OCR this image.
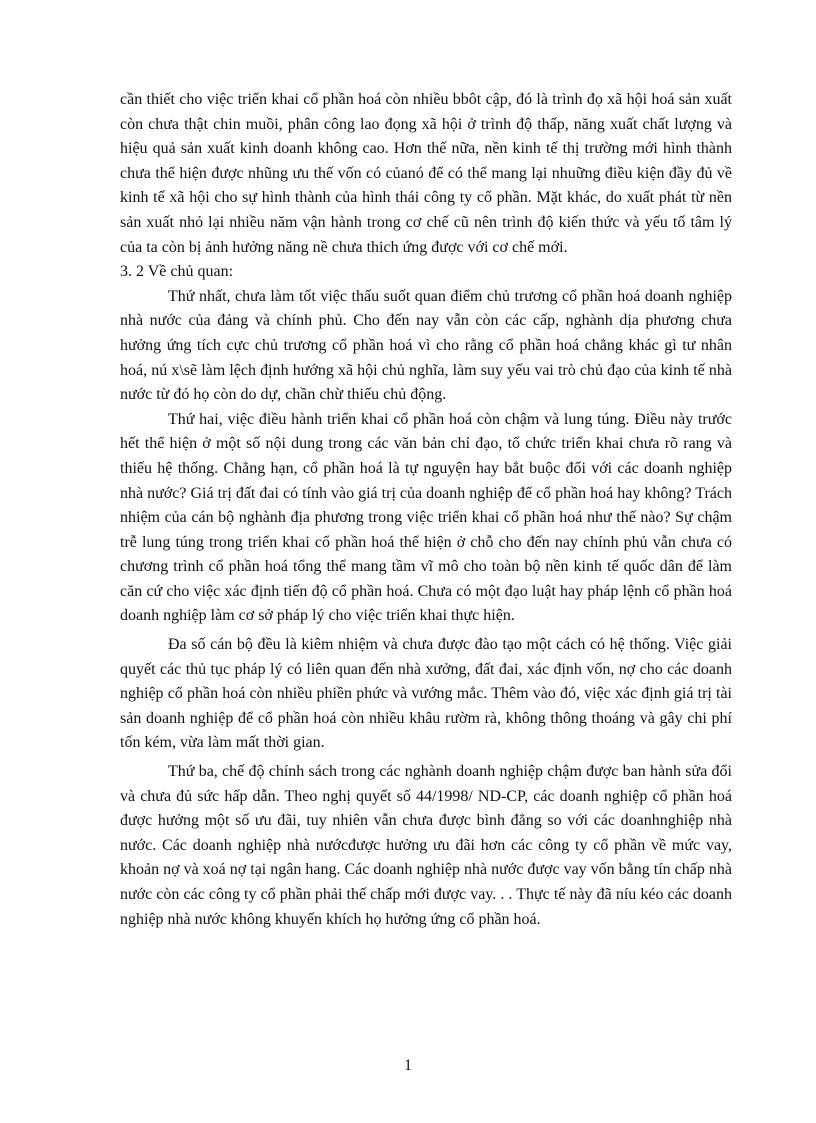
cần thiết cho việc triển khai cổ phần hoá còn nhiều bbôt cập, đó là trình đọ xã hội hoá sản xuất còn chưa thật chin muồi, phân công lao đọng xã hội ở trình độ thấp, năng xuất chất lượng và hiệu quả sản xuất kinh doanh không cao. Hơn thế nữa, nền kinh tế thị trường mới hình thành chưa thể hiện được nhũng ưu thế vốn có củanó để có thể mang lại nhuững điều kiện đầy đủ về kinh tế xã hội cho sự hình thành của hình thái công ty cổ phần. Mặt khác, do xuất phát từ nền sản xuất nhỏ lại nhiều năm vận hành trong cơ chế cũ nên trình độ kiến thức và yếu tố tâm lý của ta còn bị ảnh hưởng năng nề chưa thich ứng được với cơ chế mới.

3. 2 Về chủ quan:

Thứ nhất, chưa làm tốt việc thấu suốt quan điểm chủ trương cổ phần hoá doanh nghiệp nhà nước của đảng và chính phủ. Cho đến nay vẫn còn các cấp, nghành dịa phương chưa hưởng ứng tích cực chủ trương cổ phần hoá vì cho rằng cổ phần hoá chẳng khác gì tư nhân hoá, nú x\sẽ làm lệch định hướng xã hội chủ nghĩa, làm suy yếu vai trò chủ đạo của kinh tế nhà nước từ đó họ còn do dự, chần chừ thiếu chủ động.

Thứ hai, việc điều hành triển khai cổ phần hoá còn chậm và lung túng. Điều này trước hết thể hiện ở một số nội dung trong các văn bản chỉ đạo, tổ chức triển khai chưa rõ rang và thiếu hệ thống. Chẳng hạn, cổ phần hoá là tự nguyện hay bắt buộc đối với các doanh nghiệp nhà nước? Giá trị đất đai có tính vào giá trị của doanh nghiệp để cổ phần hoá hay không? Trách nhiệm của cán bộ nghành địa phương trong việc triển khai cổ phần hoá như thế nào? Sự chậm trễ lung túng trong triển khai cổ phần hoá thể hiện ở chỗ cho đến nay chính phủ vẫn chưa có chương trình cổ phần hoá tổng thể mang tầm vĩ mô cho toàn bộ nền kinh tế quốc dân để làm căn cứ cho việc xác định tiến độ cổ phần hoá. Chưa có một đạo luật hay pháp lệnh cổ phần hoá doanh nghiệp làm cơ sở pháp lý cho việc triển khai thực hiện.

Đa số cán bộ đều là kiêm nhiệm và chưa được đào tạo một cách có hệ thống. Việc giải quyết các thủ tục pháp lý có liên quan đến nhà xưởng, đất đai, xác định vốn, nợ cho các doanh nghiệp cổ phần hoá còn nhiều phiền phức và vướng mắc. Thêm vào đó, việc xác định giá trị tài sản doanh nghiệp để cổ phần hoá còn nhiều khâu rườm rà, không thông thoáng và gây chi phí tốn kém, vừa làm mất thời gian.

Thứ ba, chế độ chính sách trong các nghành doanh nghiệp chậm được ban hành sửa đổi và chưa đủ sức hấp dẫn. Theo nghị quyết số 44/1998/ ND-CP, các doanh nghiệp cổ phần hoá được hưởng một số ưu đãi, tuy nhiên vẫn chưa được bình đẳng so với các doanhnghiệp nhà nước. Các doanh nghiệp nhà nướcđược hưởng ưu đãi hơn các công ty cổ phần về mức vay, khoản nợ và xoá nợ tại ngân hang. Các doanh nghiệp nhà nước được vay vốn bằng tín chấp nhà nước còn các công ty cổ phần phải thế chấp mới được vay. . . Thực tế này đã níu kéo các doanh nghiệp nhà nước không khuyến khích họ hưởng ứng cổ phần hoá.

1
